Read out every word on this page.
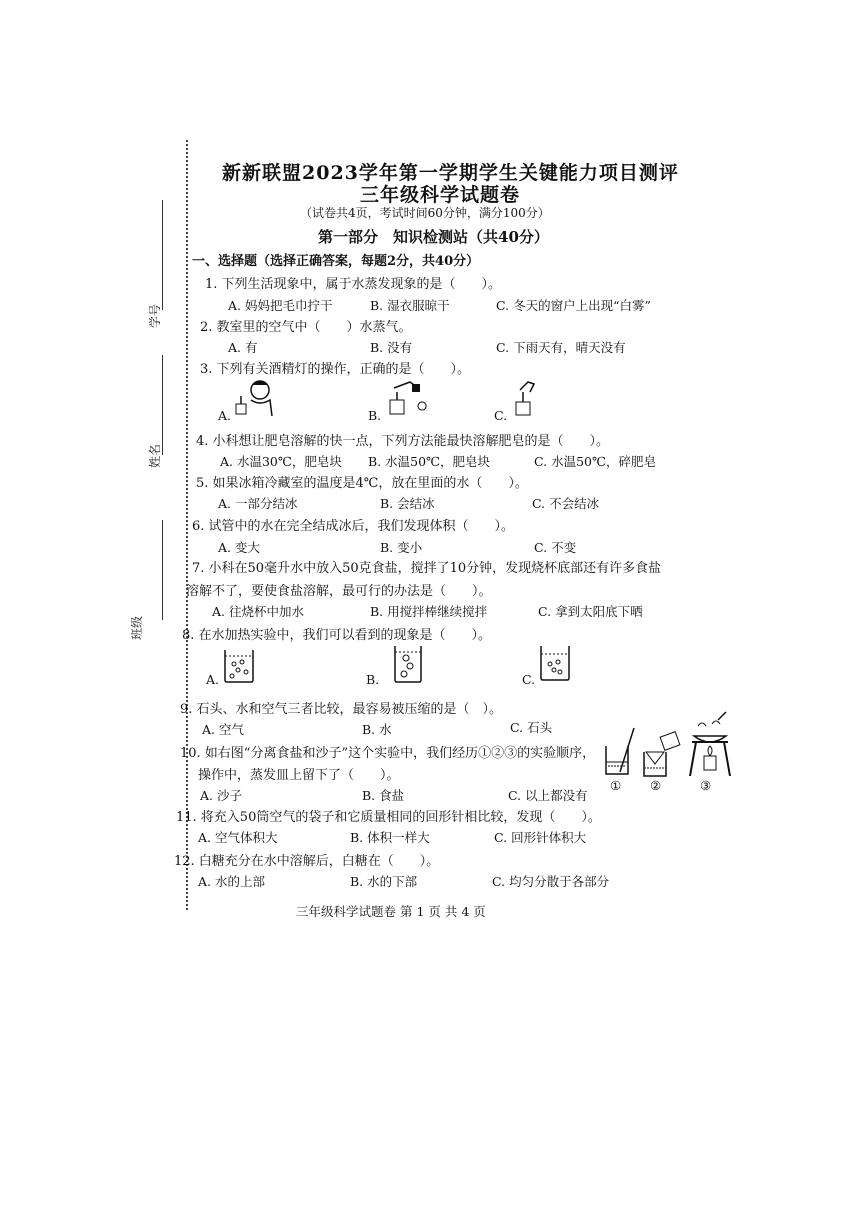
学号
姓名
班级
新新联盟2023学年第一学期学生关键能力项目测评
三年级科学试题卷
（试卷共4页，考试时间60分钟，满分100分）
第一部分　知识检测站（共40分）
一、选择题（选择正确答案，每题2分，共40分）
1. 下列生活现象中，属于水蒸发现象的是（　　）。
A. 妈妈把毛巾拧干	B. 湿衣服晾干	C. 冬天的窗户上出现“白雾”
2. 教室里的空气中（　　）水蒸气。
A. 有	B. 没有	C. 下雨天有，晴天没有
3. 下列有关酒精灯的操作，正确的是（　　）。
A.	B.	C.
4. 小科想让肥皂溶解的快一点，下列方法能最快溶解肥皂的是（　　）。
A. 水温30℃，肥皂块 B. 水温50℃，肥皂块	C. 水温50℃，碎肥皂
5. 如果冰箱冷藏室的温度是4℃，放在里面的水（　　）。
A. 一部分结冰	B. 会结冰	C. 不会结冰
6. 试管中的水在完全结成冰后，我们发现体积（　　）。
A. 变大	B. 变小	C. 不变
7. 小科在50毫升水中放入50克食盐，搅拌了10分钟，发现烧杯底部还有许多食盐
溶解不了，要使食盐溶解，最可行的办法是（　　）。
A. 往烧杯中加水	B. 用搅拌棒继续搅拌	C. 拿到太阳底下晒
8. 在水加热实验中，我们可以看到的现象是（　　）。
A.	B.	C.
9. 石头、水和空气三者比较，最容易被压缩的是（　）。
A. 空气	B. 水	C. 石头
10. 如右图“分离食盐和沙子”这个实验中，我们经历①②③的实验顺序，
操作中，蒸发皿上留下了（　　）。
A. 沙子	B. 食盐	C. 以上都没有
① ②	③
11. 将充入50筒空气的袋子和它质量相同的回形针相比较，发现（　　）。
A. 空气体积大	B. 体积一样大	C. 回形针体积大
12. 白糖充分在水中溶解后，白糖在（　　）。
A. 水的上部	B. 水的下部	C. 均匀分散于各部分
三年级科学试题卷 第 1 页 共 4 页
